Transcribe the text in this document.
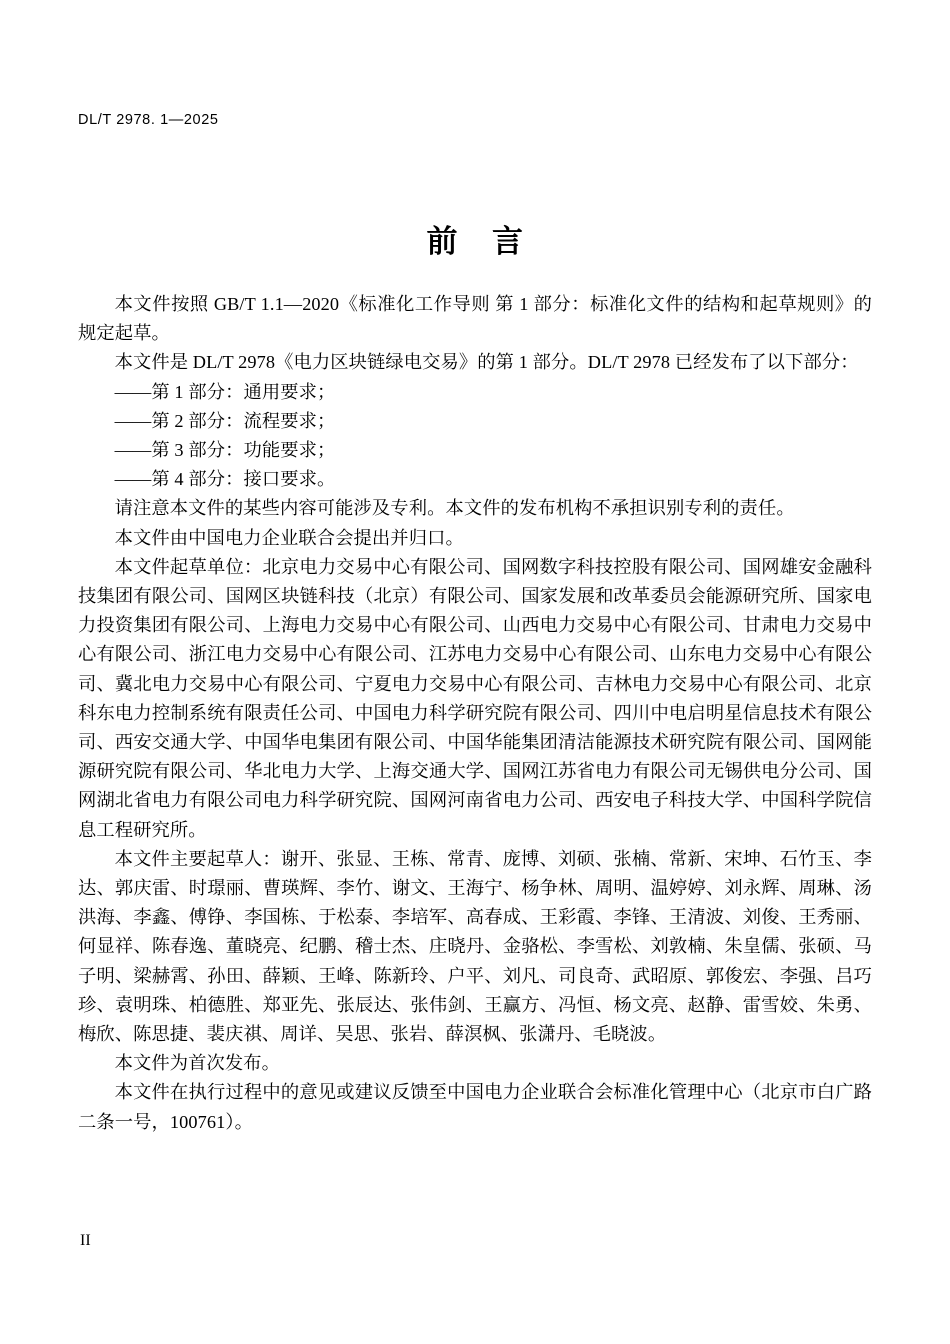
DL/T 2978. 1—2025
前 言

本文件按照 GB/T 1.1—2020《标准化工作导则 第 1 部分：标准化文件的结构和起草规则》的规定起草。

本文件是 DL/T 2978《电力区块链绿电交易》的第 1 部分。DL/T 2978 已经发布了以下部分：

——第 1 部分：通用要求；

——第 2 部分：流程要求；

——第 3 部分：功能要求；

——第 4 部分：接口要求。

请注意本文件的某些内容可能涉及专利。本文件的发布机构不承担识别专利的责任。

本文件由中国电力企业联合会提出并归口。

本文件起草单位：北京电力交易中心有限公司、国网数字科技控股有限公司、国网雄安金融科技集团有限公司、国网区块链科技（北京）有限公司、国家发展和改革委员会能源研究所、国家电力投资集团有限公司、上海电力交易中心有限公司、山西电力交易中心有限公司、甘肃电力交易中心有限公司、浙江电力交易中心有限公司、江苏电力交易中心有限公司、山东电力交易中心有限公司、冀北电力交易中心有限公司、宁夏电力交易中心有限公司、吉林电力交易中心有限公司、北京科东电力控制系统有限责任公司、中国电力科学研究院有限公司、四川中电启明星信息技术有限公司、西安交通大学、中国华电集团有限公司、中国华能集团清洁能源技术研究院有限公司、国网能源研究院有限公司、华北电力大学、上海交通大学、国网江苏省电力有限公司无锡供电分公司、国网湖北省电力有限公司电力科学研究院、国网河南省电力公司、西安电子科技大学、中国科学院信息工程研究所。

本文件主要起草人：谢开、张显、王栋、常青、庞博、刘硕、张楠、常新、宋坤、石竹玉、李达、郭庆雷、时璟丽、曹瑛辉、李竹、谢文、王海宁、杨争林、周明、温婷婷、刘永辉、周琳、汤洪海、李鑫、傅铮、李国栋、于松泰、李培军、高春成、王彩霞、李锋、王清波、刘俊、王秀丽、何显祥、陈春逸、董晓亮、纪鹏、稽士杰、庄晓丹、金骆松、李雪松、刘敦楠、朱皇儒、张硕、马子明、梁赫霄、孙田、薛颖、王峰、陈新玲、户平、刘凡、司良奇、武昭原、郭俊宏、李强、吕巧珍、袁明珠、柏德胜、郑亚先、张辰达、张伟剑、王赢方、冯恒、杨文亮、赵静、雷雪姣、朱勇、梅欣、陈思捷、裴庆祺、周详、吴思、张岩、薛溟枫、张潇丹、毛晓波。

本文件为首次发布。

本文件在执行过程中的意见或建议反馈至中国电力企业联合会标准化管理中心（北京市白广路二条一号，100761）。

II
